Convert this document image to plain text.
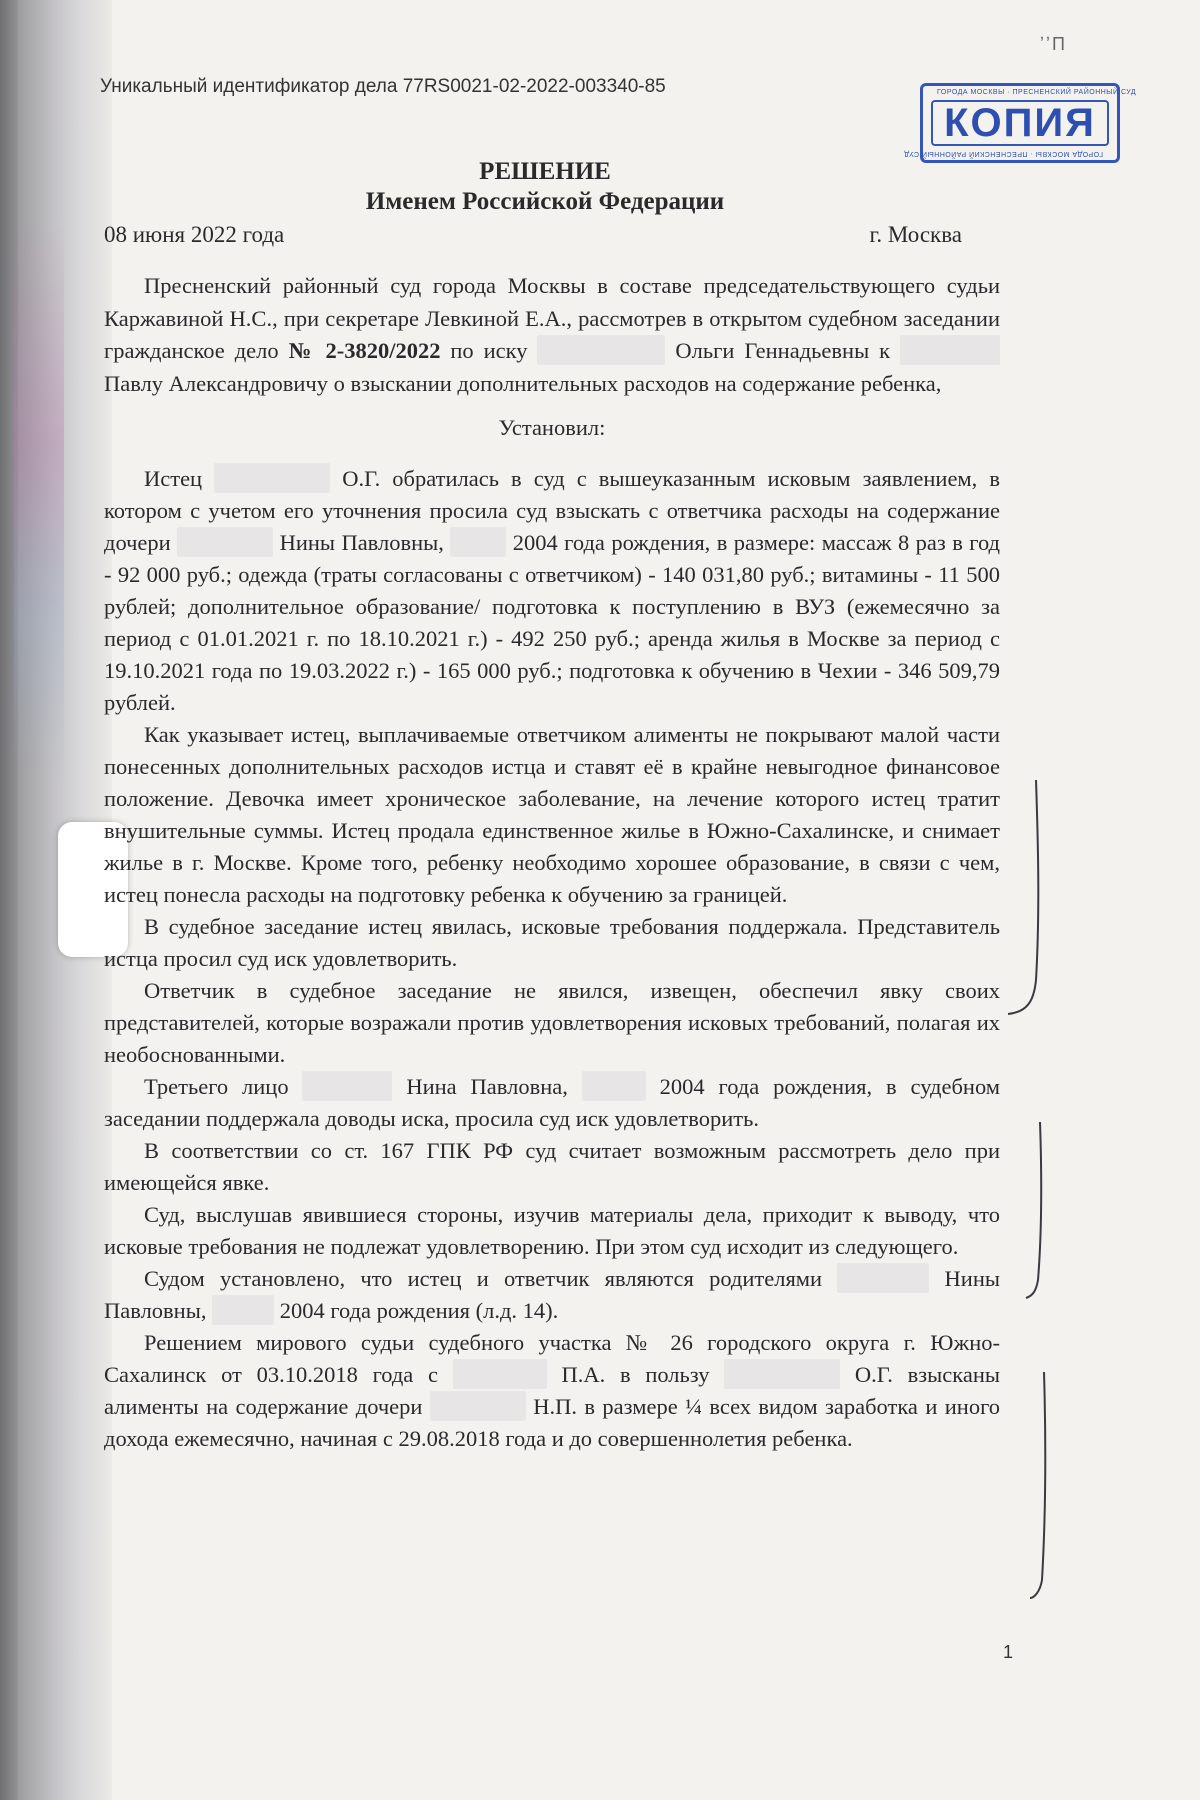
Уникальный идентификатор дела 77RS0021-02-2022-003340-85
ʼʼП
ГОРОДА МОСКВЫ · ПРЕСНЕНСКИЙ РАЙОННЫЙ СУД
КОПИЯ
ГОРОДА МОСКВЫ · ПРЕСНЕНСКИЙ РАЙОННЫЙ СУД
РЕШЕНИЕ
Именем Российской Федерации
08 июня 2022 года	г. Москва

Пресненский районный суд города Москвы в составе председательствующего судьи Каржавиной Н.С., при секретаре Левкиной Е.А., рассмотрев в открытом судебном заседании гражданское дело № 2-3820/2022 по иску	Ольги Геннадьевны к  Павлу Александровичу о взыскании дополнительных расходов на содержание ребенка,

Установил:

Истец	О.Г. обратилась в суд с вышеуказанным исковым заявлением, в котором с учетом его уточнения просила суд взыскать с ответчика расходы на содержание дочери	Нины Павловны,  2004 года рождения, в размере: массаж 8 раз в год - 92 000 руб.; одежда (траты согласованы с ответчиком) - 140 031,80 руб.; витамины - 11 500 рублей; дополнительное образование/ подготовка к поступлению в ВУЗ (ежемесячно за период с 01.01.2021 г. по 18.10.2021 г.) - 492 250 руб.; аренда жилья в Москве за период с 19.10.2021 года по 19.03.2022 г.) - 165 000 руб.; подготовка к обучению в Чехии - 346 509,79 рублей.

Как указывает истец, выплачиваемые ответчиком алименты не покрывают малой части понесенных дополнительных расходов истца и ставят её в крайне невыгодное финансовое положение. Девочка имеет хроническое заболевание, на лечение которого истец тратит внушительные суммы. Истец продала единственное жилье в Южно-Сахалинске, и снимает жилье в г. Москве. Кроме того, ребенку необходимо хорошее образование, в связи с чем, истец понесла расходы на подготовку ребенка к обучению за границей.

В судебное заседание истец явилась, исковые требования поддержала. Представитель истца просил суд иск удовлетворить.

Ответчик в судебное заседание не явился, извещен, обеспечил явку своих представителей, которые возражали против удовлетворения исковых требований, полагая их необоснованными.

Третьего лицо	Нина Павловна,	2004 года рождения, в судебном заседании поддержала доводы иска, просила суд иск удовлетворить.

В соответствии со ст. 167 ГПК РФ суд считает возможным рассмотреть дело при имеющейся явке.

Суд, выслушав явившиеся стороны, изучив материалы дела, приходит к выводу, что исковые требования не подлежат удовлетворению. При этом суд исходит из следующего.

Судом установлено, что истец и ответчик являются родителями	Нины Павловны,	2004 года рождения (л.д. 14).

Решением мирового судьи судебного участка № 26 городского округа г. Южно-Сахалинск от 03.10.2018 года с	П.А. в пользу	О.Г. взысканы алименты на содержание дочери	Н.П. в размере ¼ всех видом заработка и иного дохода ежемесячно, начиная с 29.08.2018 года и до совершеннолетия ребенка.

1
